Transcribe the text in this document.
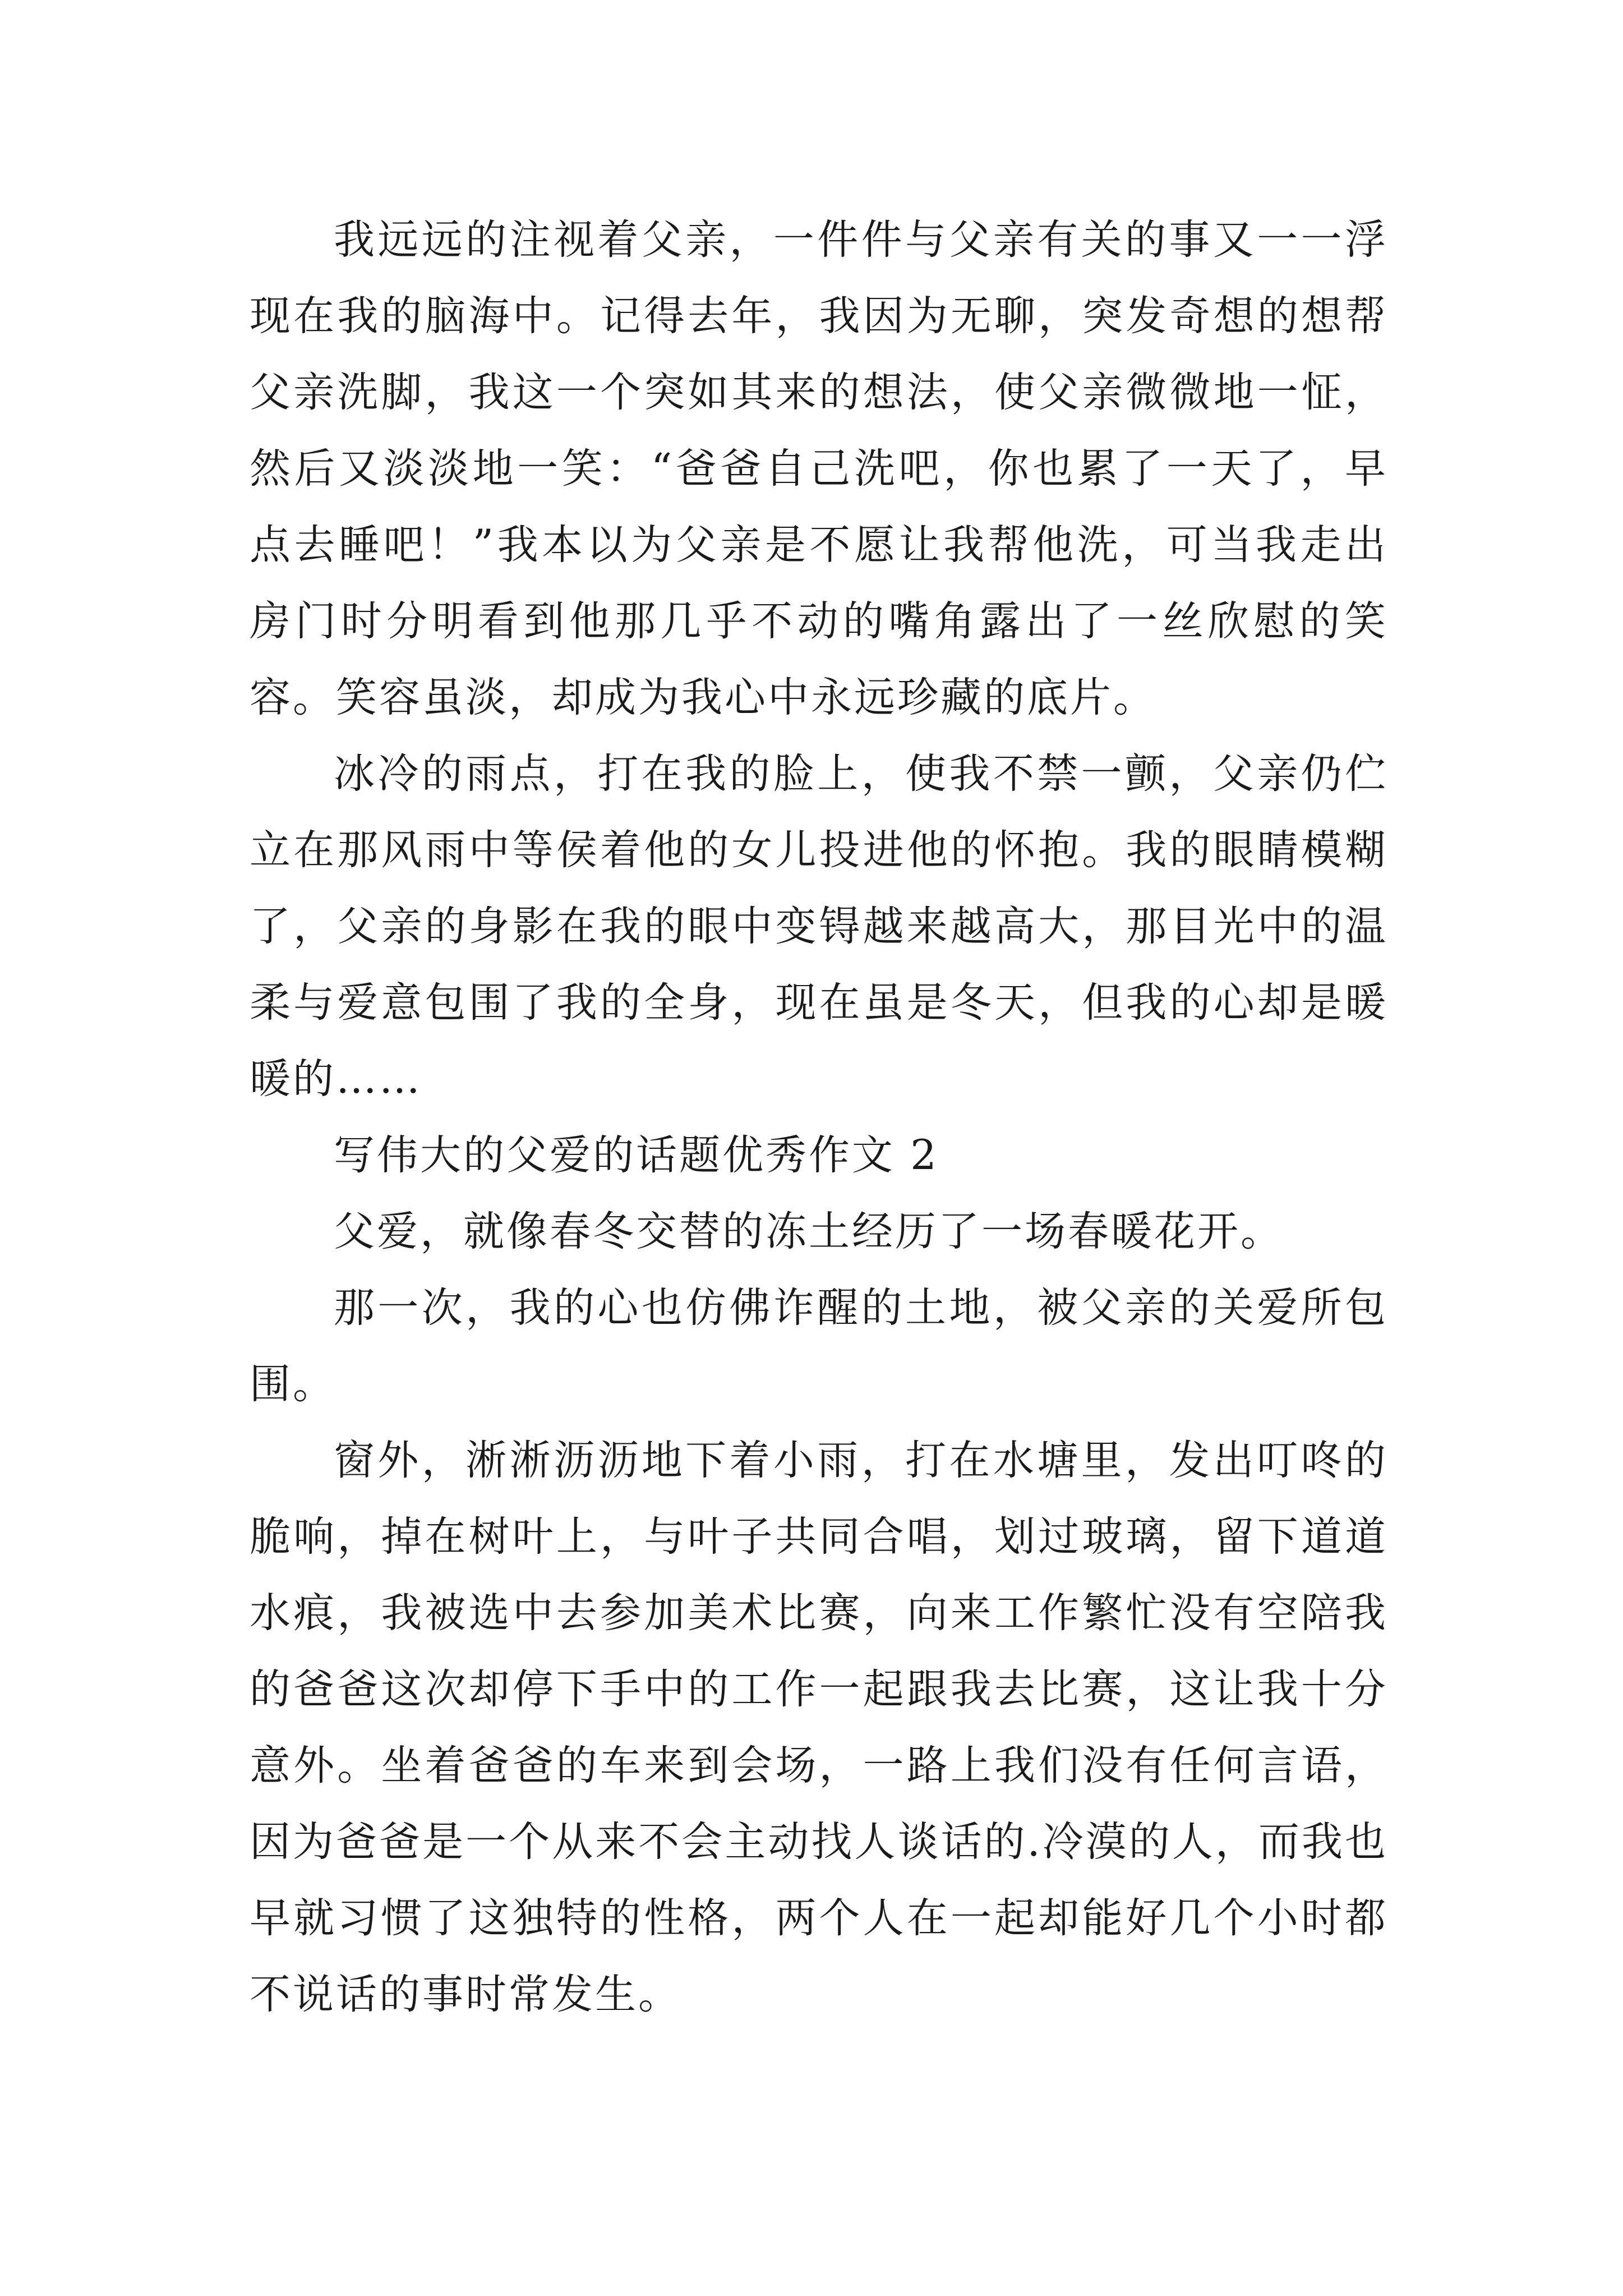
我远远的注视着父亲，一件件与父亲有关的事又一一浮现在我的脑海中。记得去年，我因为无聊，突发奇想的想帮父亲洗脚，我这一个突如其来的想法，使父亲微微地一怔，然后又淡淡地一笑：“爸爸自己洗吧，你也累了一天了，早点去睡吧！”我本以为父亲是不愿让我帮他洗，可当我走出房门时分明看到他那几乎不动的嘴角露出了一丝欣慰的笑容。笑容虽淡，却成为我心中永远珍藏的底片。

冰冷的雨点，打在我的脸上，使我不禁一颤，父亲仍伫立在那风雨中等侯着他的女儿投进他的怀抱。我的眼睛模糊了，父亲的身影在我的眼中变锝越来越高大，那目光中的温柔与爱意包围了我的全身，现在虽是冬天，但我的心却是暖暖的……

写伟大的父爱的话题优秀作文 2

父爱，就像春冬交替的冻土经历了一场春暖花开。

那一次，我的心也仿佛诈醒的土地，被父亲的关爱所包围。

窗外，淅淅沥沥地下着小雨，打在水塘里，发出叮咚的脆响，掉在树叶上，与叶子共同合唱，划过玻璃，留下道道水痕，我被选中去参加美术比赛，向来工作繁忙没有空陪我的爸爸这次却停下手中的工作一起跟我去比赛，这让我十分意外。坐着爸爸的车来到会场，一路上我们没有任何言语，因为爸爸是一个从来不会主动找人谈话的.冷漠的人，而我也早就习惯了这独特的性格，两个人在一起却能好几个小时都不说话的事时常发生。
